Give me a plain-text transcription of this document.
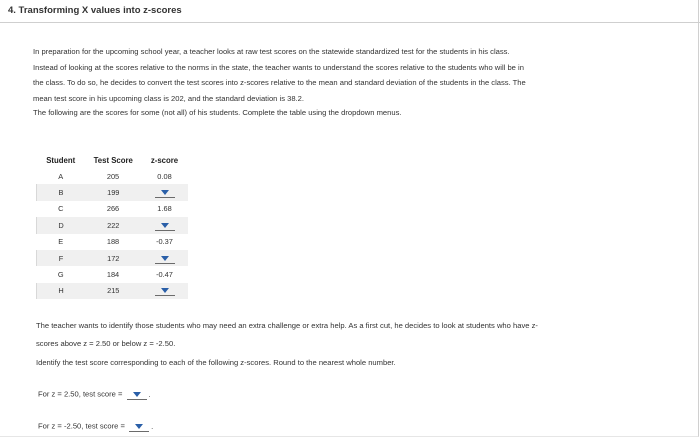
4. Transforming X values into z-scores
In preparation for the upcoming school year, a teacher looks at raw test scores on the statewide standardized test for the students in his class.
Instead of looking at the scores relative to the norms in the state, the teacher wants to understand the scores relative to the students who will be in
the class. To do so, he decides to convert the test scores into z-scores relative to the mean and standard deviation of the students in the class. The
mean test score in his upcoming class is 202, and the standard deviation is 38.2.
The following are the scores for some (not all) of his students. Complete the table using the dropdown menus.
Student	Test Score	z-score
A	205	0.08
B	199	

C	266	1.68
D	222	

E	188	-0.37
F	172	

G	184	-0.47
H	215	
The teacher wants to identify those students who may need an extra challenge or extra help. As a first cut, he decides to look at students who have z-
scores above z = 2.50 or below z = -2.50.
Identify the test score corresponding to each of the following z-scores. Round to the nearest whole number.
For z = 2.50, test score =	.
For z = -2.50, test score =	.
